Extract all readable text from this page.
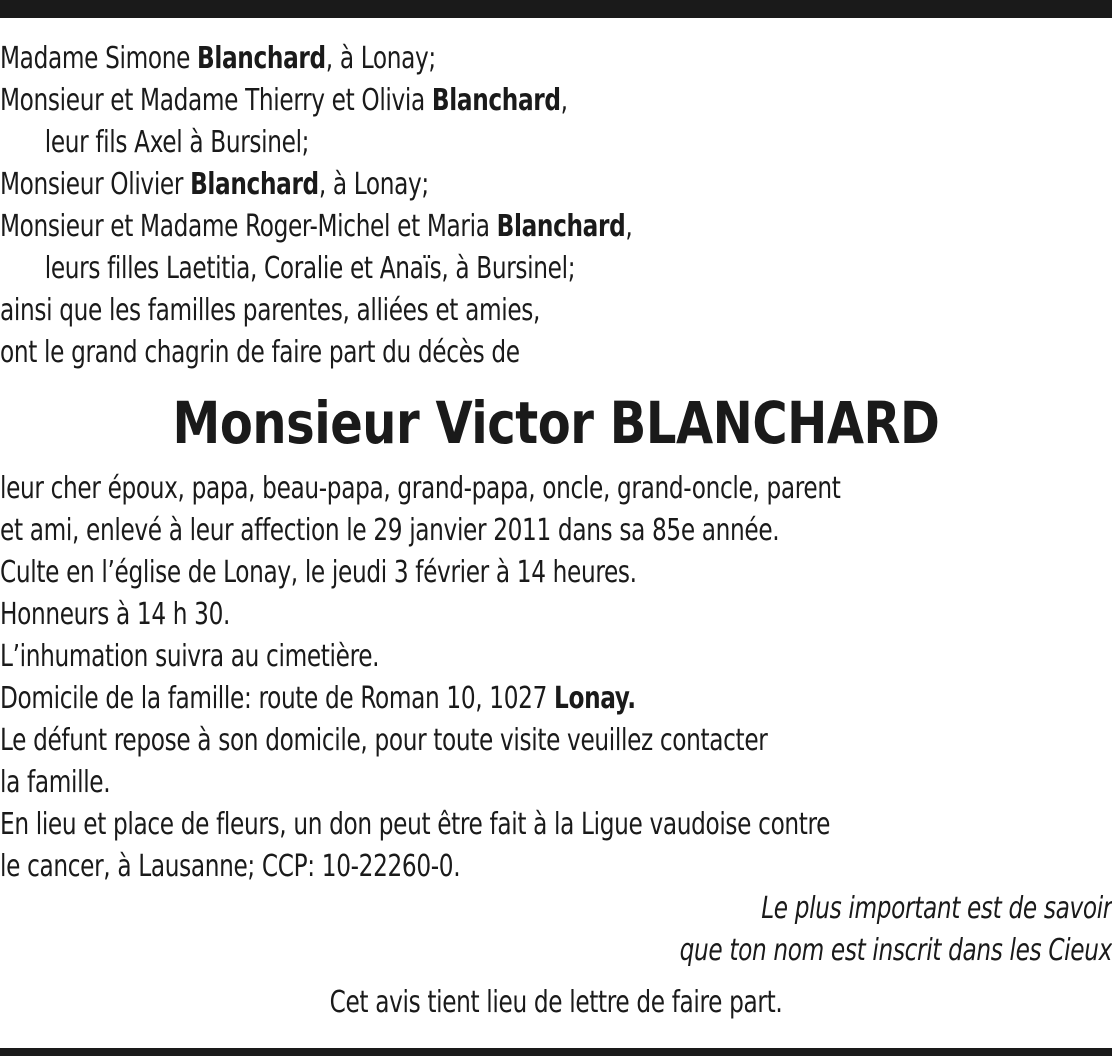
Madame Simone Blanchard, à Lonay;
Monsieur et Madame Thierry et Olivia Blanchard,
leur fils Axel à Bursinel;
Monsieur Olivier Blanchard, à Lonay;
Monsieur et Madame Roger-Michel et Maria Blanchard,
leurs filles Laetitia, Coralie et Anaïs, à Bursinel;
ainsi que les familles parentes, alliées et amies,
ont le grand chagrin de faire part du décès de
Monsieur Victor BLANCHARD
leur cher époux, papa, beau-papa, grand-papa, oncle, grand-oncle, parent
et ami, enlevé à leur affection le 29 janvier 2011 dans sa 85e année.
Culte en l’église de Lonay, le jeudi 3 février à 14 heures.
Honneurs à 14 h 30.
L’inhumation suivra au cimetière.
Domicile de la famille: route de Roman 10, 1027 Lonay.
Le défunt repose à son domicile, pour toute visite veuillez contacter
la famille.
En lieu et place de fleurs, un don peut être fait à la Ligue vaudoise contre
le cancer, à Lausanne; CCP: 10-22260-0.
Le plus important est de savoir
que ton nom est inscrit dans les Cieux
Cet avis tient lieu de lettre de faire part.
